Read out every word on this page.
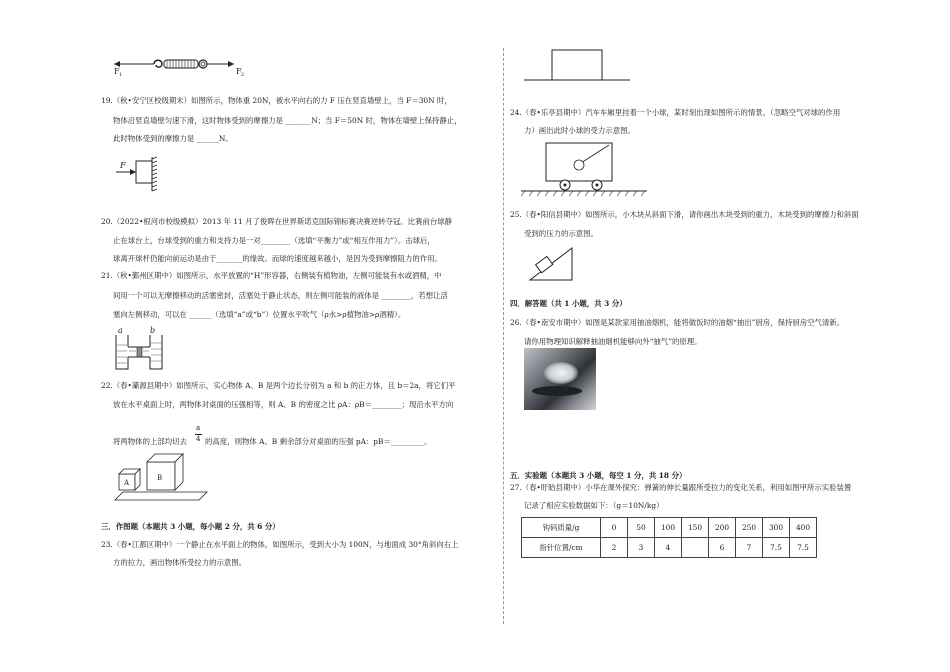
F 1	F 2
19.（秋•安宁区校级期末）如图所示，物体重 20N，被水平向右的力 F 压在竖直墙壁上，当 F＝30N 时，
物体沿竖直墙壁匀速下滑，这时物体受到的摩擦力是 _______N；当 F＝50N 时，物体在墙壁上保持静止，
此时物体受到的摩擦力是 ______N。
F
20.（2022•根河市校级模拟）2013 年 11 月了俊晖在世界斯诺克国际锦标赛决赛逆转夺冠。比赛前台球静
止在球台上，台球受到的重力和支持力是一对________（选填“平衡力”或“相互作用力”）。击球后，
球离开球杆仍能向前运动是由于_______的缘故。而球的速度越来越小，是因为受到摩擦阻力的作用。
21.（秋•鄞州区期中）如图所示，水平放置的“H”形容器，右侧装有植物油，左侧可能装有水或酒精，中
间用一个可以无摩擦移动的活塞密封，活塞处于静止状态，则左侧可能装的液体是 ________，若想让活
塞向左侧移动，可以在 ______（选填“a”或“b”）位置水平吹气（ρ水>ρ植物油>ρ酒精）。
a	b
22.（春•灞源县期中）如图所示，实心物体 A、B 是两个边长分别为 a 和 b 的正方体，且 b＝2a，将它们平
放在水平桌面上时，两物体对桌面的压强相等，则 A、B 的密度之比 ρA：ρB＝________；现沿水平方向
将两物体的上部均切去
a
4 的高度，则物体 A、B 剩余部分对桌面的压强 pA：pB＝_________。
A
B
三．作图题（本题共 3 小题，每小题 2 分，共 6 分）
23.（春•江都区期中）一个静止在水平面上的物体，如图所示，受到大小为 100N，与地面成 30°角斜向右上
方的拉力，画出物体所受拉力的示意图。
24.（春•乐亭县期中）汽车车厢里挂着一个小球，某时刻出现如图所示的情景。（忽略空气对球的作用
力）画出此时小球的受力示意图。
25.（春•阳信县期中）如图所示，小木块从斜面下滑，请你画出木块受到的重力，木块受到的摩擦力和斜面
受到的压力的示意图。
四．解答题（共 1 小题，共 3 分）
26.（春•南安市期中）如图是某款家用抽油烟机，能将做饭时的油烟“抽出”厨房，保持厨房空气清新。
请你用物理知识解释抽油烟机能够向外“抽气”的原理。
五．实验题（本题共 3 小题，每空 1 分，共 18 分）
27.（春•盱眙县期中）小华在课外探究：弹簧的伸长量跟所受拉力的变化关系，利用如图甲所示实验装置
记录了相应实验数据如下：（g＝10N/kg）
钩码质量/g	0	50	100	150	200	250	300	400
指针位置/cm	2	3	4		6	7	7.5	7.5
